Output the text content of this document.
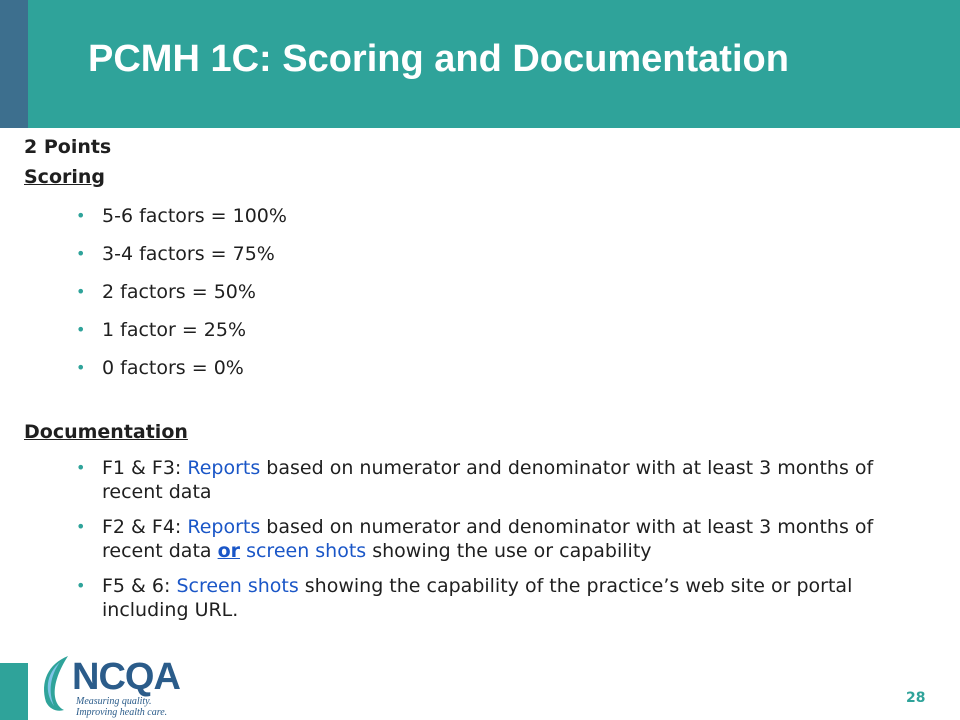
PCMH 1C: Scoring and Documentation
2 Points
Scoring
• 5-6 factors = 100%
• 3-4 factors = 75%
• 2 factors = 50%
• 1 factor = 25%
• 0 factors = 0%
Documentation
• F1 & F3: Reports based on numerator and denominator with at least 3 months of recent data
• F2 & F4: Reports based on numerator and denominator with at least 3 months of recent data or screen shots showing the use or capability
• F5 & 6: Screen shots showing the capability of the practice’s web site or portal including URL.
NCQA
Measuring quality.
Improving health care.
28
